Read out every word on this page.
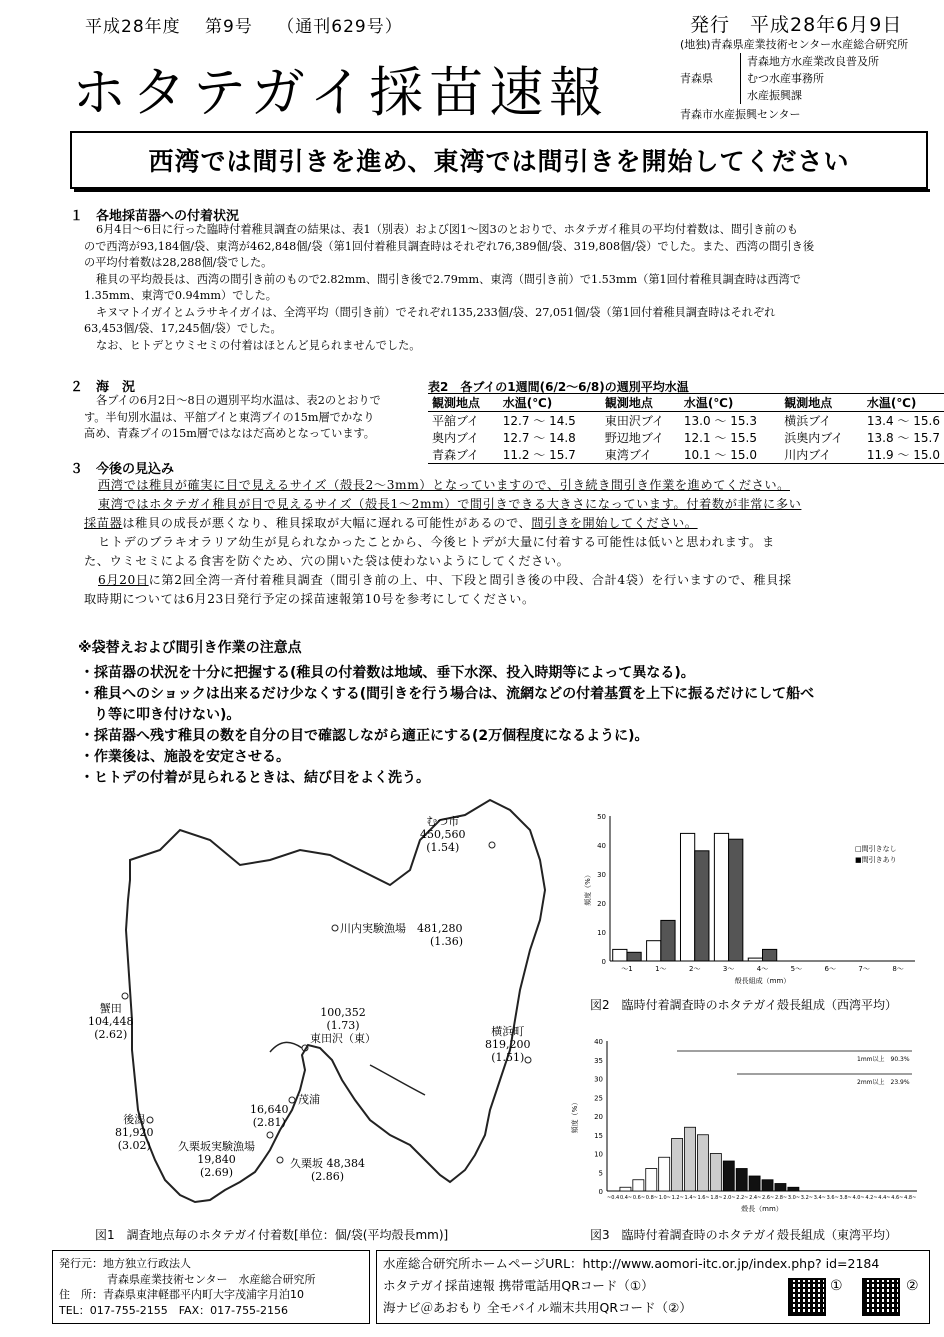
平成28年度 第9号 （通刊629号）	発行　平成28年6月9日
ホタテガイ採苗速報
(地独)青森県産業技術センター水産総合研究所
青森県
青森地方水産業改良普及所
むつ水産事務所
水産振興課
青森市水産振興センター
西湾では間引きを進め、東湾では間引きを開始してください
１　各地採苗器への付着状況
6月4日～6日に行った臨時付着稚貝調査の結果は、表1（別表）および図1～図3のとおりで、ホタテガイ稚貝の平均付着数は、間引き前のも
ので西湾が93,184個/袋、東湾が462,848個/袋（第1回付着稚貝調査時はそれぞれ76,389個/袋、319,808個/袋）でした。また、西湾の間引き後
の平均付着数は28,288個/袋でした。
稚貝の平均殻長は、西湾の間引き前のもので2.82mm、間引き後で2.79mm、東湾（間引き前）で1.53mm（第1回付着稚貝調査時は西湾で
1.35mm、東湾で0.94mm）でした。
キヌマトイガイとムラサキイガイは、全湾平均（間引き前）でそれぞれ135,233個/袋、27,051個/袋（第1回付着稚貝調査時はそれぞれ
63,453個/袋、17,245個/袋）でした。
なお、ヒトデとウミセミの付着はほとんど見られませんでした。
２　海　況
各ブイの6月2日～8日の週別平均水温は、表2のとおりで
す。半旬別水温は、平舘ブイと東湾ブイの15m層でかなり
高め、青森ブイの15m層ではなはだ高めとなっています。
表2　各ブイの1週間(6/2～6/8)の週別平均水温
観測地点	水温(℃)	観測地点	水温(℃)	観測地点	水温(℃)
平舘ブイ	12.7 ～ 14.5	東田沢ブイ	13.0 ～ 15.3	横浜ブイ	13.4 ～ 15.6
奥内ブイ	12.7 ～ 14.8	野辺地ブイ	12.1 ～ 15.5	浜奥内ブイ	13.8 ～ 15.7
青森ブイ	11.2 ～ 15.7	東湾ブイ	10.1 ～ 15.0	川内ブイ	11.9 ～ 15.0
３　今後の見込み
西湾では稚貝が確実に目で見えるサイズ（殻長2～3mm）となっていますので、引き続き間引き作業を進めてください。
東湾ではホタテガイ稚貝が目で見えるサイズ（殻長1～2mm）で間引きできる大きさになっています。付着数が非常に多い
採苗器は稚貝の成長が悪くなり、稚貝採取が大幅に遅れる可能性があるので、間引きを開始してください。
ヒトデのブラキオラリア幼生が見られなかったことから、今後ヒトデが大量に付着する可能性は低いと思われます。ま
た、ウミセミによる食害を防ぐため、穴の開いた袋は使わないようにしてください。
6月20日に第2回全湾一斉付着稚貝調査（間引き前の上、中、下段と間引き後の中段、合計4袋）を行いますので、稚貝採
取時期については6月23日発行予定の採苗速報第10号を参考にしてください。
※袋替えおよび間引き作業の注意点
・採苗器の状況を十分に把握する(稚貝の付着数は地域、垂下水深、投入時期等によって異なる)。
・稚貝へのショックは出来るだけ少なくする(間引きを行う場合は、流網などの付着基質を上下に振るだけにして船べ
　り等に叩き付けない)。
・採苗器へ残す稚貝の数を自分の目で確認しながら適正にする(2万個程度になるように)。
・作業後は、施設を安定させる。
・ヒトデの付着が見られるときは、結び目をよく洗う。
むつ市
450,560
(1.54)
川内実験漁場　 481,280
(1.36)
蟹田
104,448
(2.62)
100,352
(1.73)
東田沢（東）
横浜町
819,200
(1.51)
茂浦
16,640
(2.81)
後潟
81,920
(3.02) 久栗坂実験漁場
19,840
(2.69)
久栗坂 48,384
(2.86)
図1　調査地点毎のホタテガイ付着数[単位：個/袋(平均殻長mm)]
0
10
20
30
40
50
～1	1～	2～	3～	4～	5～	6～	7～	8～
殻長組成（mm）
頻度（%）
□間引きなし
■間引きあり
図2　臨時付着調査時のホタテガイ殻長組成（西湾平均）
0
5
10
15
20
25
30
35
40
~0.4 0.4~ 0.6~ 0.8~ 1.0~ 1.2~ 1.4~ 1.6~ 1.8~ 2.0~ 2.2~ 2.4~ 2.6~ 2.8~ 3.0~ 3.2~ 3.4~ 3.6~ 3.8~ 4.0~ 4.2~ 4.4~ 4.6~ 4.8~
殻長（mm）
頻度（%）
1mm以上　90.3%
2mm以上　23.9%
図3　臨時付着調査時のホタテガイ殻長組成（東湾平均）
発行元：地方独立行政法人
青森県産業技術センター　水産総合研究所
住　所：青森県東津軽郡平内町大字茂浦字月泊10
TEL：017-755-2155　FAX：017-755-2156
水産総合研究所ホームページURL：http://www.aomori-itc.or.jp/index.php? id=2184
ホタテガイ採苗速報 携帯電話用QRコード（①）
海ナビ＠あおもり 全モバイル端末共用QRコード（②）
①	②
